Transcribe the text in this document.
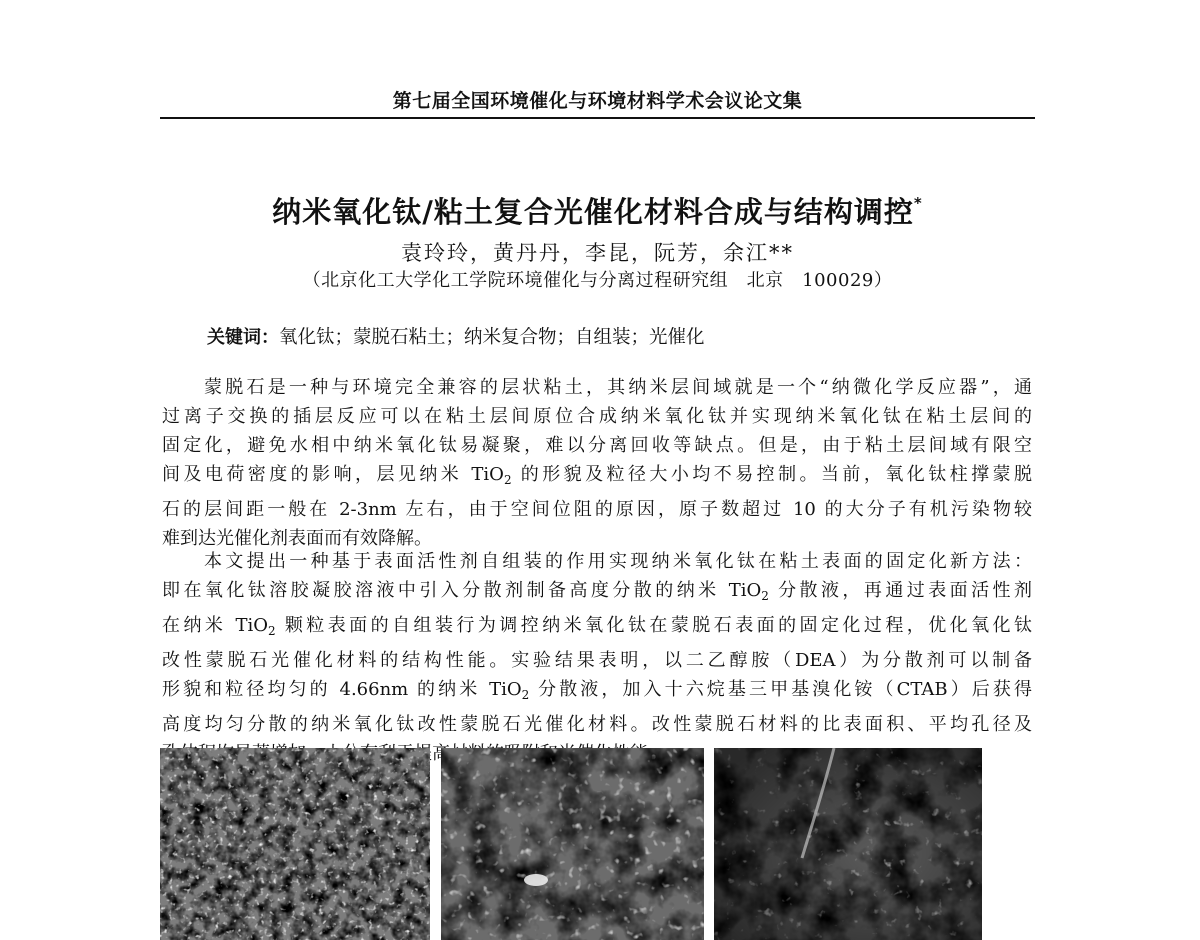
第七届全国环境催化与环境材料学术会议论文集
纳米氧化钛/粘土复合光催化材料合成与结构调控*
袁玲玲，黄丹丹，李昆，阮芳，余江**
（北京化工大学化工学院环境催化与分离过程研究组　北京　100029）
关键词：氧化钛；蒙脱石粘土；纳米复合物；自组装；光催化
蒙脱石是一种与环境完全兼容的层状粘土，其纳米层间域就是一个“纳微化学反应器”，通
过离子交换的插层反应可以在粘土层间原位合成纳米氧化钛并实现纳米氧化钛在粘土层间的
固定化，避免水相中纳米氧化钛易凝聚，难以分离回收等缺点。但是，由于粘土层间域有限空
间及电荷密度的影响，层见纳米 TiO$_2$ 的形貌及粒径大小均不易控制。当前，氧化钛柱撑蒙脱
石的层间距一般在 2-3nm 左右，由于空间位阻的原因，原子数超过 10 的大分子有机污染物较
难到达光催化剂表面而有效降解。
本文提出一种基于表面活性剂自组装的作用实现纳米氧化钛在粘土表面的固定化新方法：
即在氧化钛溶胶凝胶溶液中引入分散剂制备高度分散的纳米 TiO$_2$ 分散液，再通过表面活性剂
在纳米 TiO$_2$ 颗粒表面的自组装行为调控纳米氧化钛在蒙脱石表面的固定化过程，优化氧化钛
改性蒙脱石光催化材料的结构性能。实验结果表明，以二乙醇胺（DEA）为分散剂可以制备
形貌和粒径均匀的 4.66nm 的纳米 TiO$_2$ 分散液，加入十六烷基三甲基溴化铵（CTAB）后获得
高度均匀分散的纳米氧化钛改性蒙脱石光催化材料。改性蒙脱石材料的比表面积、平均孔径及
